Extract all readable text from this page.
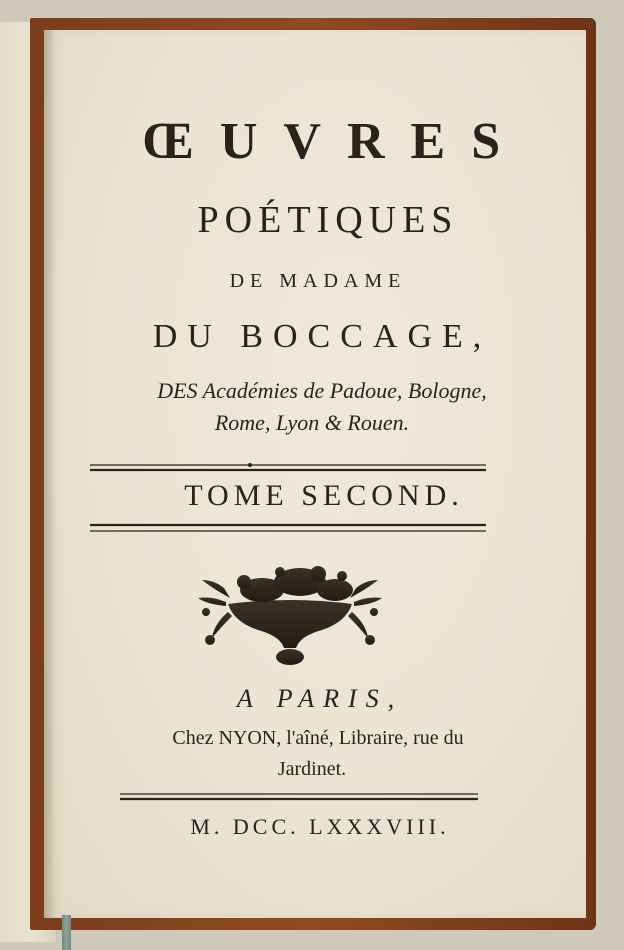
ŒUVRES

POÉTIQUES

DE MADAME

DU BOCCAGE,

DES Académies de Padoue, Bologne,

Rome, Lyon & Rouen.

TOME SECOND.

A PARIS,

Chez NYON, l'aîné, Libraire, rue du

Jardinet.

M. DCC. LXXXVIII.
